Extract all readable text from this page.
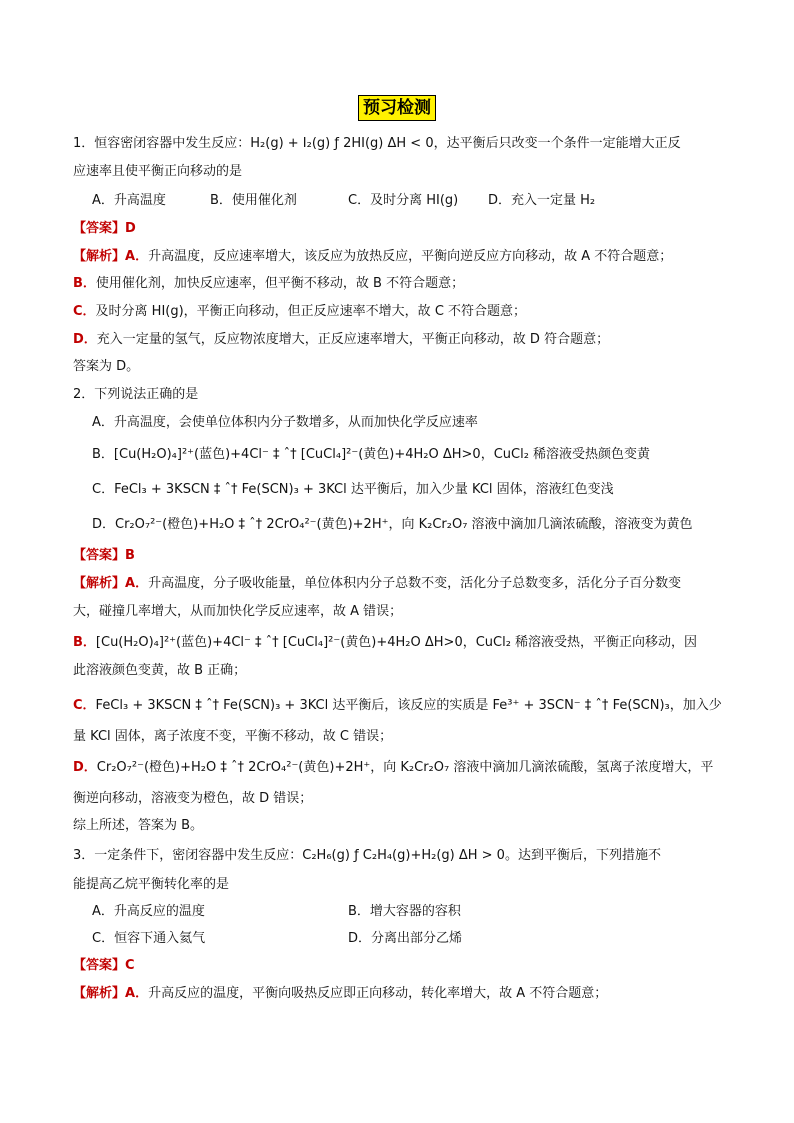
预习检测
1．恒容密闭容器中发生反应：H₂(g) + I₂(g) ƒ 2HI(g) ΔH < 0，达平衡后只改变一个条件一定能增大正反
应速率且使平衡正向移动的是
A．升高温度	B．使用催化剂	C．及时分离 HI(g) D．充入一定量 H₂
【答案】D
【解析】A．升高温度，反应速率增大，该反应为放热反应，平衡向逆反应方向移动，故 A 不符合题意；
B．使用催化剂，加快反应速率，但平衡不移动，故 B 不符合题意；
C．及时分离 HI(g)，平衡正向移动，但正反应速率不增大，故 C 不符合题意；
D．充入一定量的氢气，反应物浓度增大，正反应速率增大，平衡正向移动，故 D 符合题意；
答案为 D。
2．下列说法正确的是
A．升高温度，会使单位体积内分子数增多，从而加快化学反应速率
B．[Cu(H₂O)₄]²⁺(蓝色)+4Cl⁻ ‡ ˆ† [CuCl₄]²⁻(黄色)+4H₂O ΔH>0，CuCl₂ 稀溶液受热颜色变黄
C．FeCl₃ + 3KSCN ‡ ˆ† Fe(SCN)₃ + 3KCl 达平衡后，加入少量 KCl 固体，溶液红色变浅
D．Cr₂O₇²⁻(橙色)+H₂O ‡ ˆ† 2CrO₄²⁻(黄色)+2H⁺，向 K₂Cr₂O₇ 溶液中滴加几滴浓硫酸，溶液变为黄色
【答案】B
【解析】A．升高温度，分子吸收能量，单位体积内分子总数不变，活化分子总数变多，活化分子百分数变
大，碰撞几率增大，从而加快化学反应速率，故 A 错误；
B．[Cu(H₂O)₄]²⁺(蓝色)+4Cl⁻ ‡ ˆ† [CuCl₄]²⁻(黄色)+4H₂O ΔH>0，CuCl₂ 稀溶液受热，平衡正向移动，因
此溶液颜色变黄，故 B 正确；
C．FeCl₃ + 3KSCN ‡ ˆ† Fe(SCN)₃ + 3KCl 达平衡后，该反应的实质是 Fe³⁺ + 3SCN⁻ ‡ ˆ† Fe(SCN)₃，加入少
量 KCl 固体，离子浓度不变，平衡不移动，故 C 错误；
D．Cr₂O₇²⁻(橙色)+H₂O ‡ ˆ† 2CrO₄²⁻(黄色)+2H⁺，向 K₂Cr₂O₇ 溶液中滴加几滴浓硫酸，氢离子浓度增大，平
衡逆向移动，溶液变为橙色，故 D 错误；
综上所述，答案为 B。
3．一定条件下，密闭容器中发生反应：C₂H₆(g) ƒ C₂H₄(g)+H₂(g) ΔH > 0。达到平衡后，下列措施不
能提高乙烷平衡转化率的是
A．升高反应的温度	B．增大容器的容积
C．恒容下通入氦气	D．分离出部分乙烯
【答案】C
【解析】A．升高反应的温度，平衡向吸热反应即正向移动，转化率增大，故 A 不符合题意；
